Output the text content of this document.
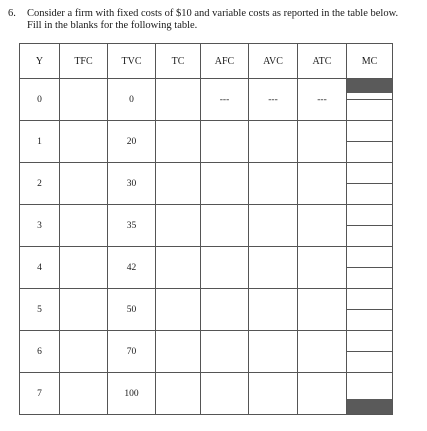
6. Consider a firm with fixed costs of $10 and variable costs as reported in the table below.
Fill in the blanks for the following table.
Y	TFC	TVC	TC	AFC	AVC	ATC	MC
0		0		---	---	---	

1		20					

2		30					

3		35					

4		42					

5		50					

6		70					

7		100					
